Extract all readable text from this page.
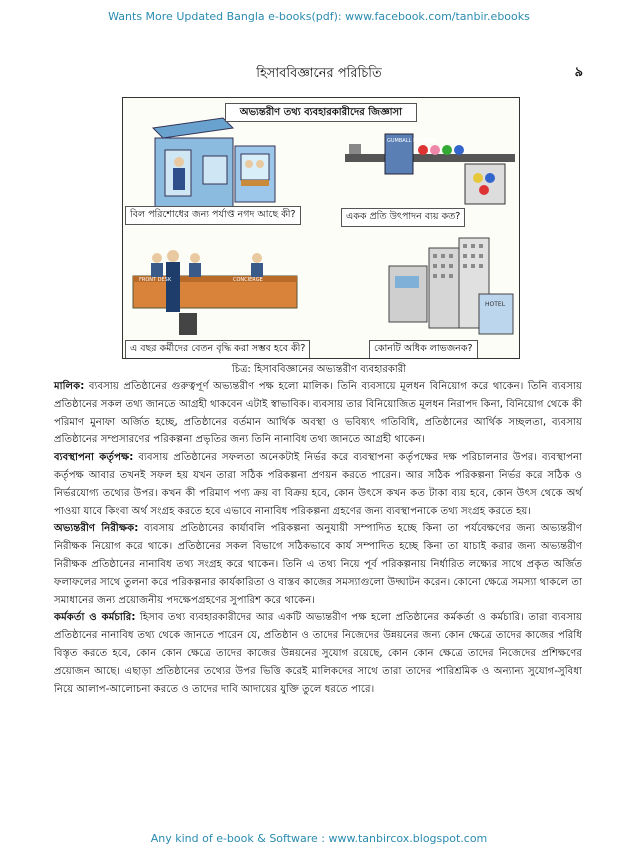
Wants More Updated Bangla e-books(pdf): www.facebook.com/tanbir.ebooks
হিসাববিজ্ঞানের পরিচিতি	৯
GUMBALL MACHINE
FRONT DESK	CONCIERGE
HOTEL
অভ্যন্তরীণ তথ্য ব্যবহারকারীদের জিজ্ঞাসা
বিল পরিশোধের জন্য পর্যাপ্ত নগদ আছে কী?	একক প্রতি উৎপাদন ব্যয় কত?
এ বছর কর্মীদের বেতন বৃদ্ধি করা সম্ভব হবে কী?	কোনটি অধিক লাভজনক?
চিত্র: হিসাববিজ্ঞানের অভ্যন্তরীণ ব্যবহারকারী

মালিক: ব্যবসায় প্রতিষ্ঠানের গুরুত্বপূর্ণ অভ্যন্তরীণ পক্ষ হলো মালিক। তিনি ব্যবসায়ে মূলধন বিনিয়োগ করে থাকেন। তিনি ব্যবসায় প্রতিষ্ঠানের সকল তথ্য জানতে আগ্রহী থাকবেন এটাই স্বাভাবিক। ব্যবসায় তার বিনিয়োজিত মূলধন নিরাপদ কিনা, বিনিয়োগ থেকে কী পরিমাণ মুনাফা অর্জিত হচ্ছে, প্রতিষ্ঠানের বর্তমান আর্থিক অবস্থা ও ভবিষ্যৎ গতিবিধি, প্রতিষ্ঠানের আর্থিক সচ্ছলতা, ব্যবসায় প্রতিষ্ঠানের সম্প্রসারণের পরিকল্পনা প্রভৃতির জন্য তিনি নানাবিধ তথ্য জানতে আগ্রহী থাকেন।

ব্যবস্থাপনা কর্তৃপক্ষ: ব্যবসায় প্রতিষ্ঠানের সফলতা অনেকটাই নির্ভর করে ব্যবস্থাপনা কর্তৃপক্ষের দক্ষ পরিচালনার উপর। ব্যবস্থাপনা কর্তৃপক্ষ আবার তখনই সফল হয় যখন তারা সঠিক পরিকল্পনা প্রণয়ন করতে পারেন। আর সঠিক পরিকল্পনা নির্ভর করে সঠিক ও নির্ভরযোগ্য তথ্যের উপর। কখন কী পরিমাণ পণ্য ক্রয় বা বিক্রয় হবে, কোন উৎসে কখন কত টাকা ব্যয় হবে, কোন উৎস থেকে অর্থ পাওয়া যাবে কিংবা অর্থ সংগ্রহ করতে হবে এভাবে নানাবিধ পরিকল্পনা গ্রহণের জন্য ব্যবস্থাপনাকে তথ্য সংগ্রহ করতে হয়।

অভ্যন্তরীণ নিরীক্ষক: ব্যবসায় প্রতিষ্ঠানের কার্যাবলি পরিকল্পনা অনুযায়ী সম্পাদিত হচ্ছে কিনা তা পর্যবেক্ষণের জন্য অভ্যন্তরীণ নিরীক্ষক নিয়োগ করে থাকে। প্রতিষ্ঠানের সকল বিভাগে সঠিকভাবে কার্য সম্পাদিত হচ্ছে কিনা তা যাচাই করার জন্য অভ্যন্তরীণ নিরীক্ষক প্রতিষ্ঠানের নানাবিধ তথ্য সংগ্রহ করে থাকেন। তিনি এ তথ্য নিয়ে পূর্ব পরিকল্পনায় নির্ধারিত লক্ষ্যের সাথে প্রকৃত অর্জিত ফলাফলের সাথে তুলনা করে পরিকল্পনার কার্যকারিতা ও বাস্তব কাজের সমস্যাগুলো উদ্ঘাটন করেন। কোনো ক্ষেত্রে সমস্যা থাকলে তা সমাধানের জন্য প্রয়োজনীয় পদক্ষেপগ্রহণের সুপারিশ করে থাকেন।

কর্মকর্তা ও কর্মচারি: হিসাব তথ্য ব্যবহারকারীদের আর একটি অভ্যন্তরীণ পক্ষ হলো প্রতিষ্ঠানের কর্মকর্তা ও কর্মচারি। তারা ব্যবসায় প্রতিষ্ঠানের নানাবিধ তথ্য থেকে জানতে পারেন যে, প্রতিষ্ঠান ও তাদের নিজেদের উন্নয়নের জন্য কোন ক্ষেত্রে তাদের কাজের পরিধি বিস্তৃত করতে হবে, কোন কোন ক্ষেত্রে তাদের কাজের উন্নয়নের সুযোগ রয়েছে, কোন কোন ক্ষেত্রে তাদের নিজেদের প্রশিক্ষণের প্রয়োজন আছে। এছাড়া প্রতিষ্ঠানের তথ্যের উপর ভিত্তি করেই মালিকদের সাথে তারা তাদের পারিশ্রমিক ও অন্যান্য সুযোগ-সুবিধা নিয়ে আলাপ-আলোচনা করতে ও তাদের দাবি আদায়ের যুক্তি তুলে ধরতে পারে।

Any kind of e-book & Software : www.tanbircox.blogspot.com
